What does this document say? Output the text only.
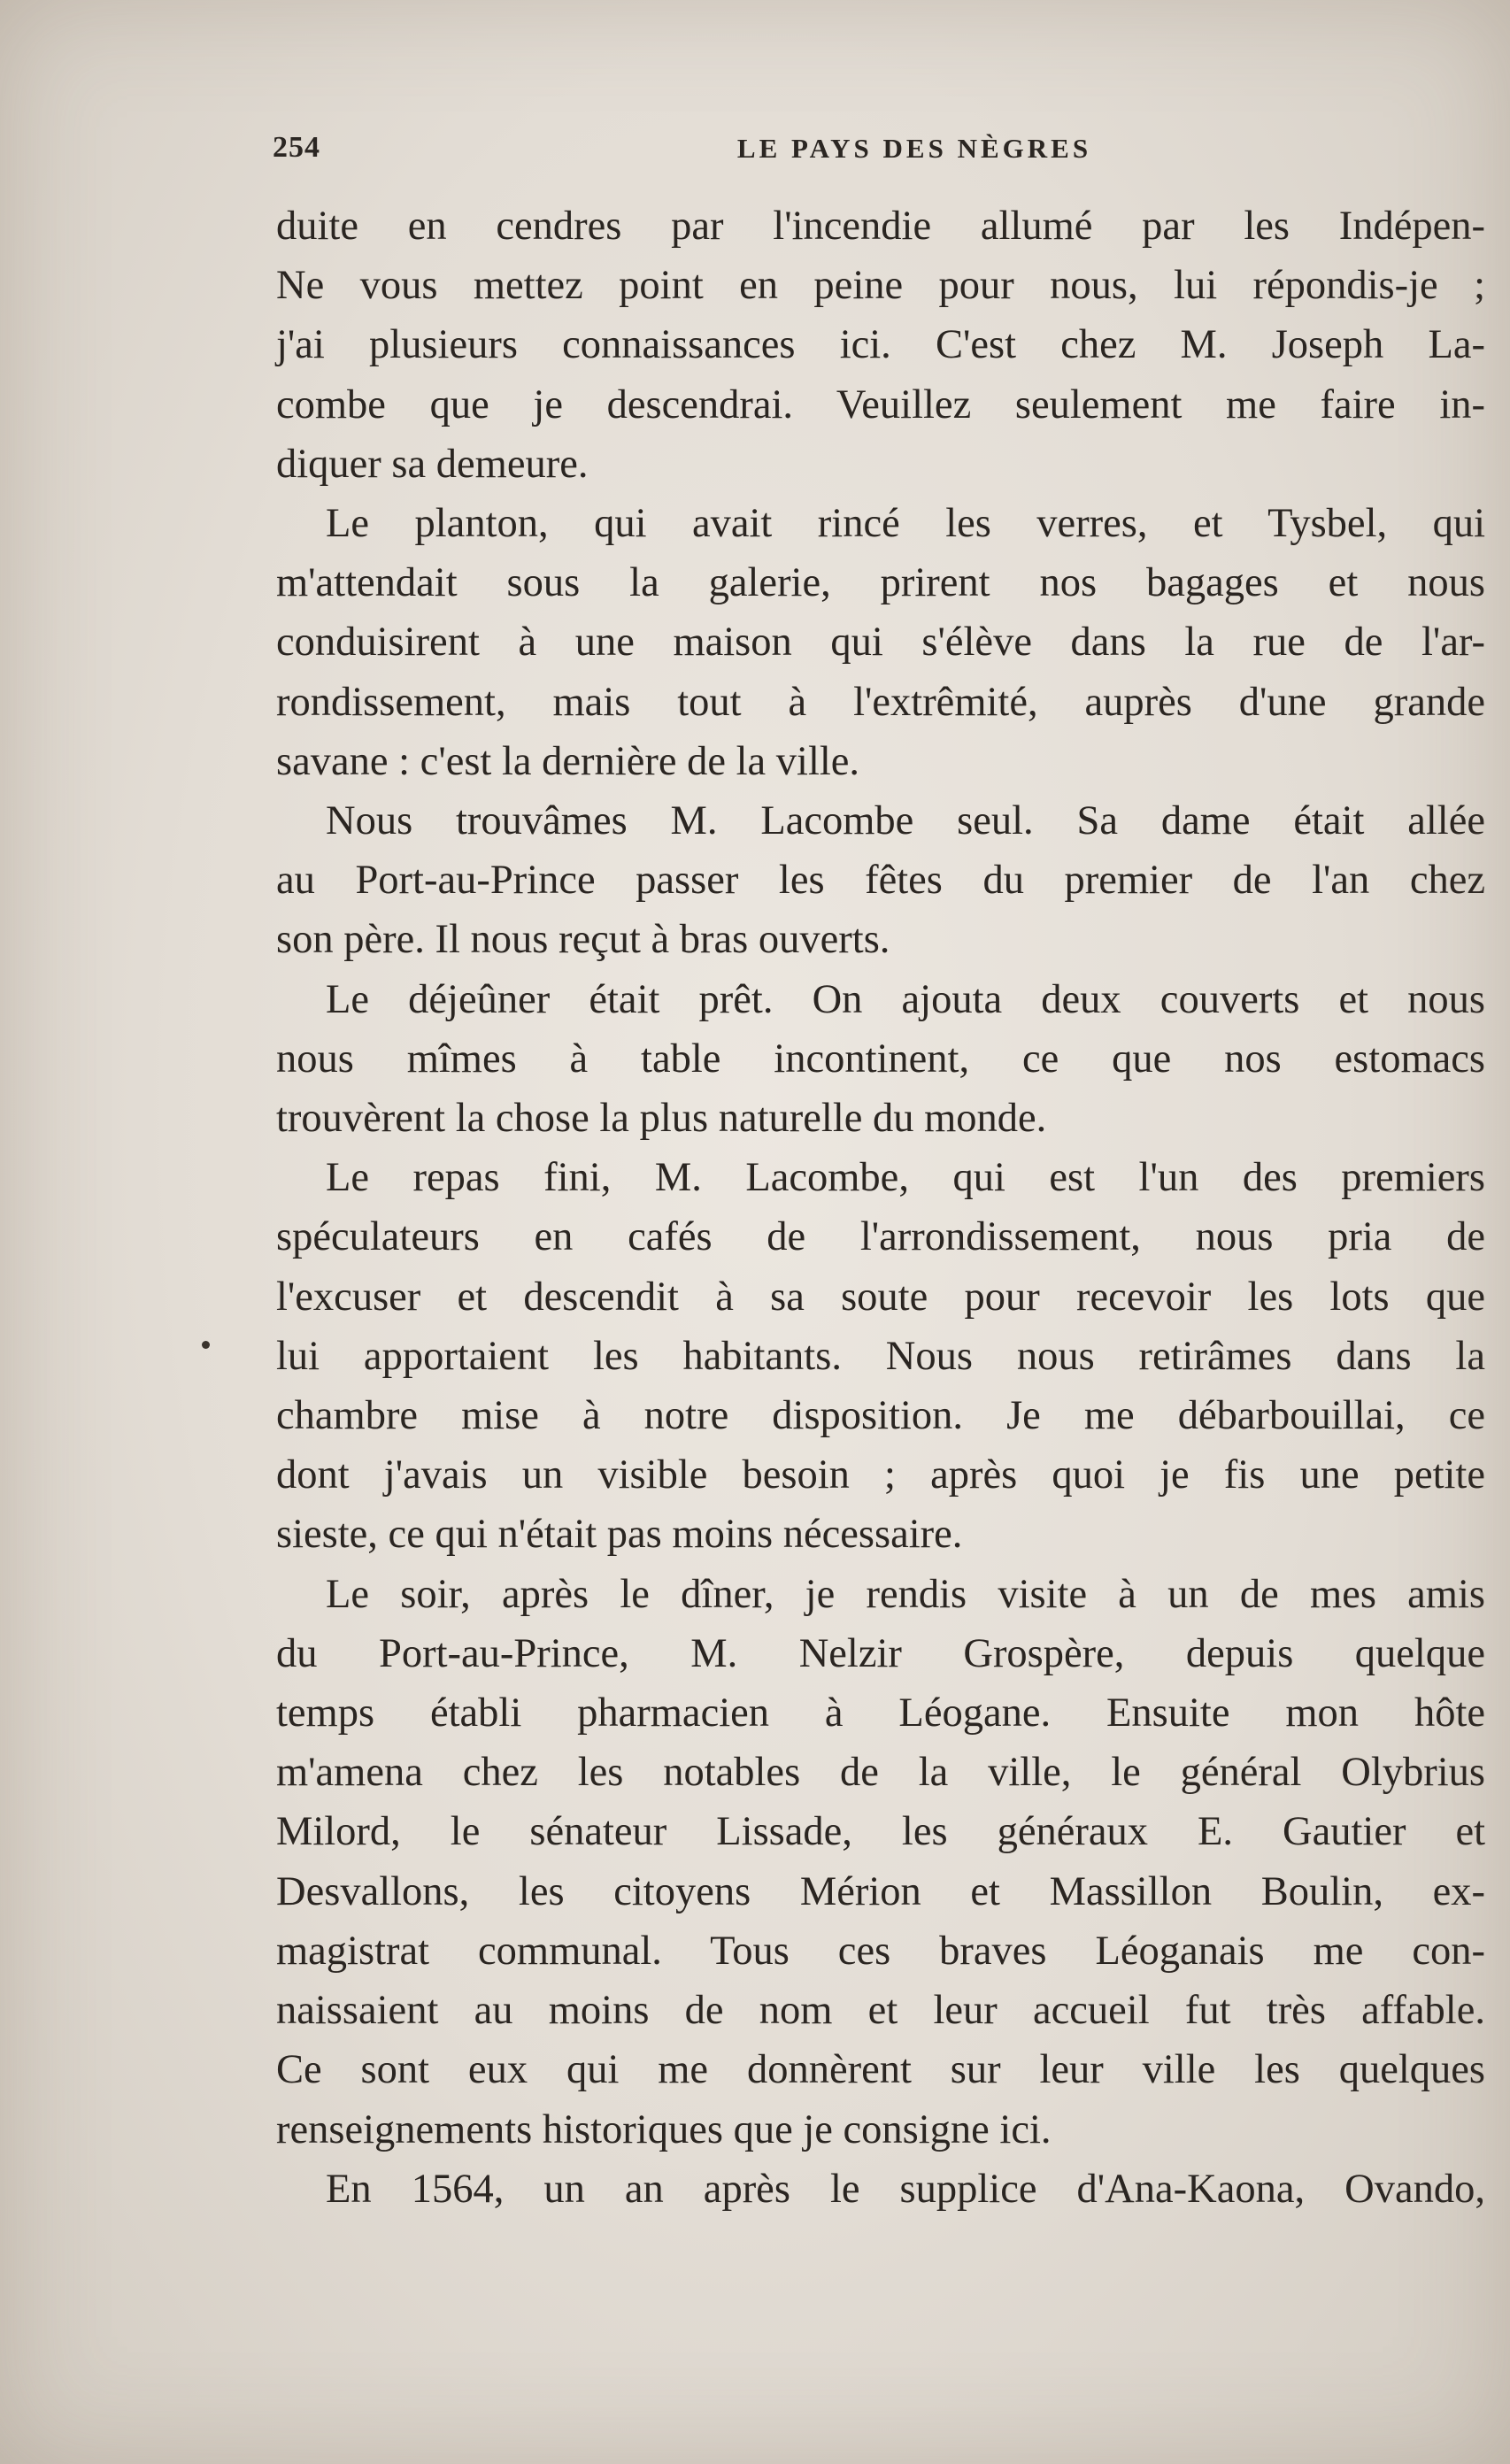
254	LE PAYS DES NÈGRES

duite en cendres par l'incendie allumé par les Indépen-
Ne vous mettez point en peine pour nous, lui répondis-je ;
j'ai plusieurs connaissances ici. C'est chez M. Joseph La-
combe que je descendrai. Veuillez seulement me faire in-
diquer sa demeure.

Le planton, qui avait rincé les verres, et Tysbel, qui
m'attendait sous la galerie, prirent nos bagages et nous
conduisirent à une maison qui s'élève dans la rue de l'ar-
rondissement, mais tout à l'extrêmité, auprès d'une grande
savane : c'est la dernière de la ville.

Nous trouvâmes M. Lacombe seul. Sa dame était allée
au Port-au-Prince passer les fêtes du premier de l'an chez
son père. Il nous reçut à bras ouverts.

Le déjeûner était prêt. On ajouta deux couverts et nous
nous mîmes à table incontinent, ce que nos estomacs
trouvèrent la chose la plus naturelle du monde.

Le repas fini, M. Lacombe, qui est l'un des premiers
spéculateurs en cafés de l'arrondissement, nous pria de
l'excuser et descendit à sa soute pour recevoir les lots que
lui apportaient les habitants. Nous nous retirâmes dans la
chambre mise à notre disposition. Je me débarbouillai, ce
dont j'avais un visible besoin ; après quoi je fis une petite
sieste, ce qui n'était pas moins nécessaire.

Le soir, après le dîner, je rendis visite à un de mes amis
du Port-au-Prince, M. Nelzir Grospère, depuis quelque
temps établi pharmacien à Léogane. Ensuite mon hôte
m'amena chez les notables de la ville, le général Olybrius
Milord, le sénateur Lissade, les généraux E. Gautier et
Desvallons, les citoyens Mérion et Massillon Boulin, ex-
magistrat communal. Tous ces braves Léoganais me con-
naissaient au moins de nom et leur accueil fut très affable.
Ce sont eux qui me donnèrent sur leur ville les quelques
renseignements historiques que je consigne ici.

En 1564, un an après le supplice d'Ana-Kaona, Ovando,
